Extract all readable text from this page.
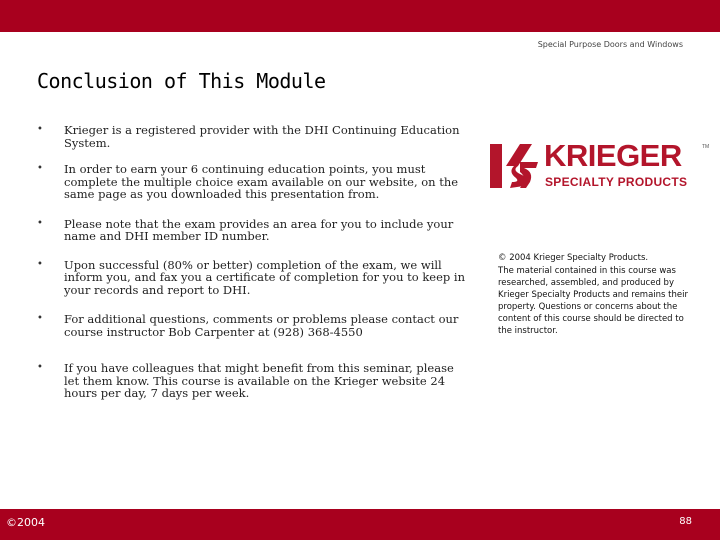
Special Purpose Doors and Windows
Conclusion of This Module
• Krieger is a registered provider with the DHI Continuing Education System.
• In order to earn your 6 continuing education points, you must complete the multiple choice exam available on our website, on the same page as you downloaded this presentation from.
• Please note that the exam provides an area for you to include your name and DHI member ID number.
• Upon successful (80% or better) completion of the exam, we will inform you, and fax you a certificate of completion for you to keep in your records and report to DHI.
• For additional questions, comments or problems please contact our course instructor Bob Carpenter at (928) 368-4550
• If you have colleagues that might benefit from this seminar, please let them know. This course is available on the Krieger website 24 hours per day, 7 days per week.
KRIEGER	TM
SPECIALTY PRODUCTS
© 2004 Krieger Specialty Products.
The material contained in this course was researched, assembled, and produced by Krieger Specialty Products and remains their property. Questions or concerns about the content of this course should be directed to the instructor.
©2004	88
